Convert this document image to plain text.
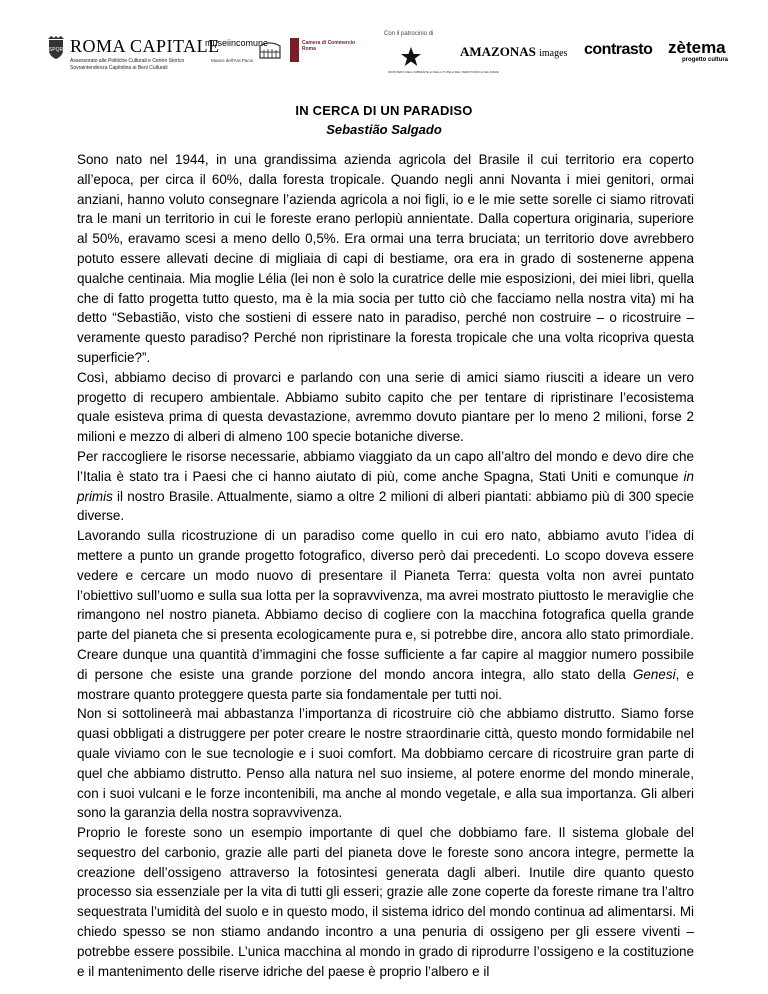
SPQR ROMA CAPITALE
Assessorato alle Politiche Culturali e Centro Storico
Sovraintendenza Capitolina ai Beni Culturali
museiincomune
Museo dell'Ara Pacis
Camera di Commercio
Roma
Con il patrocinio di
MINISTERO DELL'AMBIENTE E DELLA TUTELA DEL TERRITORIO E DEL MARE
AMAZONAS images contrasto zètema
progetto cultura
IN CERCA DI UN PARADISO
Sebastião Salgado

Sono nato nel 1944, in una grandissima azienda agricola del Brasile il cui territorio era coperto all’epoca, per circa il 60%, dalla foresta tropicale. Quando negli anni Novanta i miei genitori, ormai anziani, hanno voluto consegnare l’azienda agricola a noi figli, io e le mie sette sorelle ci siamo ritrovati tra le mani un territorio in cui le foreste erano perlopiù annientate. Dalla copertura originaria, superiore al 50%, eravamo scesi a meno dello 0,5%. Era ormai una terra bruciata; un territorio dove avrebbero potuto essere allevati decine di migliaia di capi di bestiame, ora era in grado di sostenerne appena qualche centinaia. Mia moglie Lélia (lei non è solo la curatrice delle mie esposizioni, dei miei libri, quella che di fatto progetta tutto questo, ma è la mia socia per tutto ciò che facciamo nella nostra vita) mi ha detto “Sebastião, visto che sostieni di essere nato in paradiso, perché non costruire – o ricostruire – veramente questo paradiso? Perché non ripristinare la foresta tropicale che una volta ricopriva questa superficie?”.

Così, abbiamo deciso di provarci e parlando con una serie di amici siamo riusciti a ideare un vero progetto di recupero ambientale. Abbiamo subito capito che per tentare di ripristinare l’ecosistema quale esisteva prima di questa devastazione, avremmo dovuto piantare per lo meno 2 milioni, forse 2 milioni e mezzo di alberi di almeno 100 specie botaniche diverse.

Per raccogliere le risorse necessarie, abbiamo viaggiato da un capo all’altro del mondo e devo dire che l’Italia è stato tra i Paesi che ci hanno aiutato di più, come anche Spagna, Stati Uniti e comunque in primis il nostro Brasile. Attualmente, siamo a oltre 2 milioni di alberi piantati: abbiamo più di 300 specie diverse.

Lavorando sulla ricostruzione di un paradiso come quello in cui ero nato, abbiamo avuto l’idea di mettere a punto un grande progetto fotografico, diverso però dai precedenti. Lo scopo doveva essere vedere e cercare un modo nuovo di presentare il Pianeta Terra: questa volta non avrei puntato l’obiettivo sull’uomo e sulla sua lotta per la sopravvivenza, ma avrei mostrato piuttosto le meraviglie che rimangono nel nostro pianeta. Abbiamo deciso di cogliere con la macchina fotografica quella grande parte del pianeta che si presenta ecologicamente pura e, si potrebbe dire, ancora allo stato primordiale. Creare dunque una quantità d’immagini che fosse sufficiente a far capire al maggior numero possibile di persone che esiste una grande porzione del mondo ancora integra, allo stato della Genesi, e mostrare quanto proteggere questa parte sia fondamentale per tutti noi.

Non si sottolineerà mai abbastanza l’importanza di ricostruire ciò che abbiamo distrutto. Siamo forse quasi obbligati a distruggere per poter creare le nostre straordinarie città, questo mondo formidabile nel quale viviamo con le sue tecnologie e i suoi comfort. Ma dobbiamo cercare di ricostruire gran parte di quel che abbiamo distrutto. Penso alla natura nel suo insieme, al potere enorme del mondo minerale, con i suoi vulcani e le forze incontenibili, ma anche al mondo vegetale, e alla sua importanza. Gli alberi sono la garanzia della nostra sopravvivenza.

Proprio le foreste sono un esempio importante di quel che dobbiamo fare. Il sistema globale del sequestro del carbonio, grazie alle parti del pianeta dove le foreste sono ancora integre, permette la creazione dell’ossigeno attraverso la fotosintesi generata dagli alberi. Inutile dire quanto questo processo sia essenziale per la vita di tutti gli esseri; grazie alle zone coperte da foreste rimane tra l’altro sequestrata l’umidità del suolo e in questo modo, il sistema idrico del mondo continua ad alimentarsi. Mi chiedo spesso se non stiamo andando incontro a una penuria di ossigeno per gli essere viventi – potrebbe essere possibile. L’unica macchina al mondo in grado di riprodurre l’ossigeno e la costituzione e il mantenimento delle riserve idriche del paese è proprio l’albero e il
